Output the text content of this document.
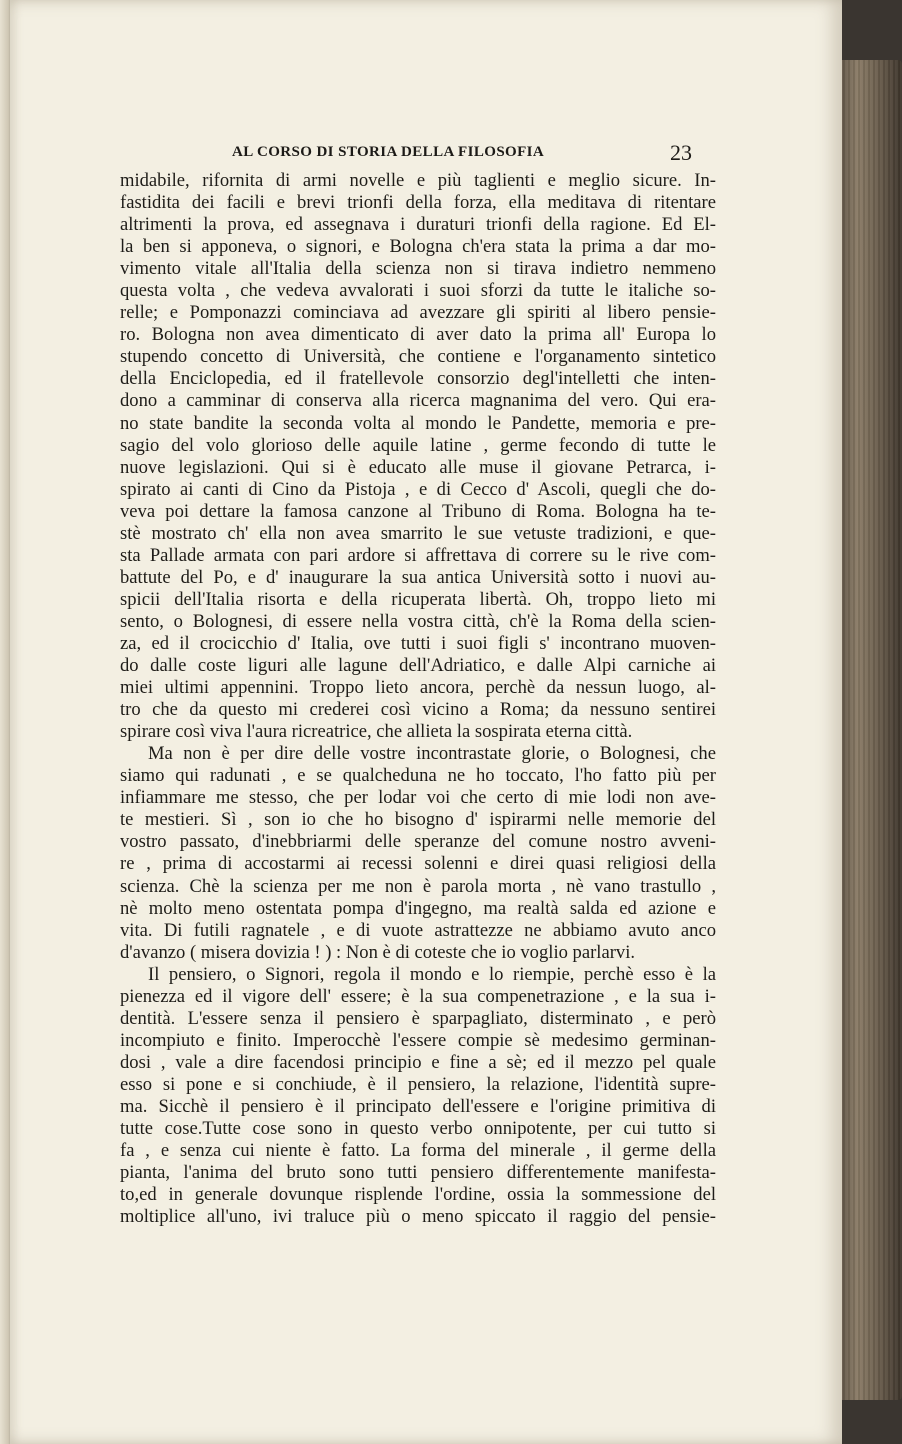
AL CORSO DI STORIA DELLA FILOSOFIA	23
midabile, rifornita di armi novelle e più taglienti e meglio sicure. In-
fastidita dei facili e brevi trionfi della forza, ella meditava di ritentare
altrimenti la prova, ed assegnava i duraturi trionfi della ragione. Ed El-
la ben si apponeva, o signori, e Bologna ch'era stata la prima a dar mo-
vimento vitale all'Italia della scienza non si tirava indietro nemmeno
questa volta , che vedeva avvalorati i suoi sforzi da tutte le italiche so-
relle; e Pomponazzi cominciava ad avezzare gli spiriti al libero pensie-
ro. Bologna non avea dimenticato di aver dato la prima all' Europa lo
stupendo concetto di Università, che contiene e l'organamento sintetico
della Enciclopedia, ed il fratellevole consorzio degl'intelletti che inten-
dono a camminar di conserva alla ricerca magnanima del vero. Qui era-
no state bandite la seconda volta al mondo le Pandette, memoria e pre-
sagio del volo glorioso delle aquile latine , germe fecondo di tutte le
nuove legislazioni. Qui si è educato alle muse il giovane Petrarca, i-
spirato ai canti di Cino da Pistoja , e di Cecco d' Ascoli, quegli che do-
veva poi dettare la famosa canzone al Tribuno di Roma. Bologna ha te-
stè mostrato ch' ella non avea smarrito le sue vetuste tradizioni, e que-
sta Pallade armata con pari ardore si affrettava di correre su le rive com-
battute del Po, e d' inaugurare la sua antica Università sotto i nuovi au-
spicii dell'Italia risorta e della ricuperata libertà. Oh, troppo lieto mi
sento, o Bolognesi, di essere nella vostra città, ch'è la Roma della scien-
za, ed il crocicchio d' Italia, ove tutti i suoi figli s' incontrano muoven-
do dalle coste liguri alle lagune dell'Adriatico, e dalle Alpi carniche ai
miei ultimi appennini. Troppo lieto ancora, perchè da nessun luogo, al-
tro che da questo mi crederei così vicino a Roma; da nessuno sentirei
spirare così viva l'aura ricreatrice, che allieta la sospirata eterna città.
Ma non è per dire delle vostre incontrastate glorie, o Bolognesi, che
siamo qui radunati , e se qualcheduna ne ho toccato, l'ho fatto più per
infiammare me stesso, che per lodar voi che certo di mie lodi non ave-
te mestieri. Sì , son io che ho bisogno d' ispirarmi nelle memorie del
vostro passato, d'inebbriarmi delle speranze del comune nostro avveni-
re , prima di accostarmi ai recessi solenni e direi quasi religiosi della
scienza. Chè la scienza per me non è parola morta , nè vano trastullo ,
nè molto meno ostentata pompa d'ingegno, ma realtà salda ed azione e
vita. Di futili ragnatele , e di vuote astrattezze ne abbiamo avuto anco
d'avanzo ( misera dovizia ! ) : Non è di coteste che io voglio parlarvi.
Il pensiero, o Signori, regola il mondo e lo riempie, perchè esso è la
pienezza ed il vigore dell' essere; è la sua compenetrazione , e la sua i-
dentità. L'essere senza il pensiero è sparpagliato, disterminato , e però
incompiuto e finito. Imperocchè l'essere compie sè medesimo germinan-
dosi , vale a dire facendosi principio e fine a sè; ed il mezzo pel quale
esso si pone e si conchiude, è il pensiero, la relazione, l'identità supre-
ma. Sicchè il pensiero è il principato dell'essere e l'origine primitiva di
tutte cose.Tutte cose sono in questo verbo onnipotente, per cui tutto si
fa , e senza cui niente è fatto. La forma del minerale , il germe della
pianta, l'anima del bruto sono tutti pensiero differentemente manifesta-
to,ed in generale dovunque risplende l'ordine, ossia la sommessione del
moltiplice all'uno, ivi traluce più o meno spiccato il raggio del pensie-
